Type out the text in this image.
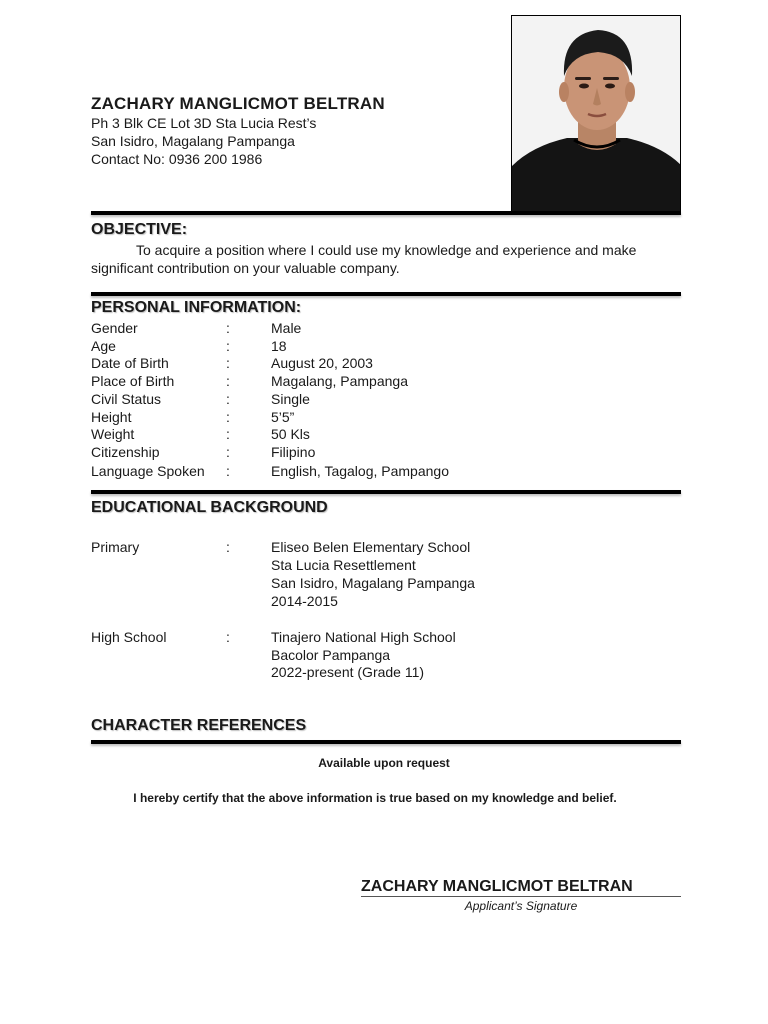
ZACHARY MANGLICMOT BELTRAN
Ph 3 Blk CE Lot 3D Sta Lucia Rest’s
San Isidro, Magalang Pampanga
Contact No: 0936 200 1986
OBJECTIVE:
To acquire a position where I could use my knowledge and experience and make significant contribution on your valuable company.
PERSONAL INFORMATION:
Gender	:	Male
Age	:	18
Date of Birth	:	August 20, 2003
Place of Birth	:	Magalang, Pampanga
Civil Status	:	Single
Height	:	5’5”
Weight	:	50 Kls
Citizenship	:	Filipino
Language Spoken :	English, Tagalog, Pampango
EDUCATIONAL BACKGROUND
Primary	:	Eliseo Belen Elementary School
Sta Lucia Resettlement
San Isidro, Magalang Pampanga
2014-2015
High School	:	Tinajero National High School
Bacolor Pampanga
2022-present (Grade 11)
CHARACTER REFERENCES
Available upon request
I hereby certify that the above information is true based on my knowledge and belief.
ZACHARY MANGLICMOT BELTRAN
Applicant’s Signature
